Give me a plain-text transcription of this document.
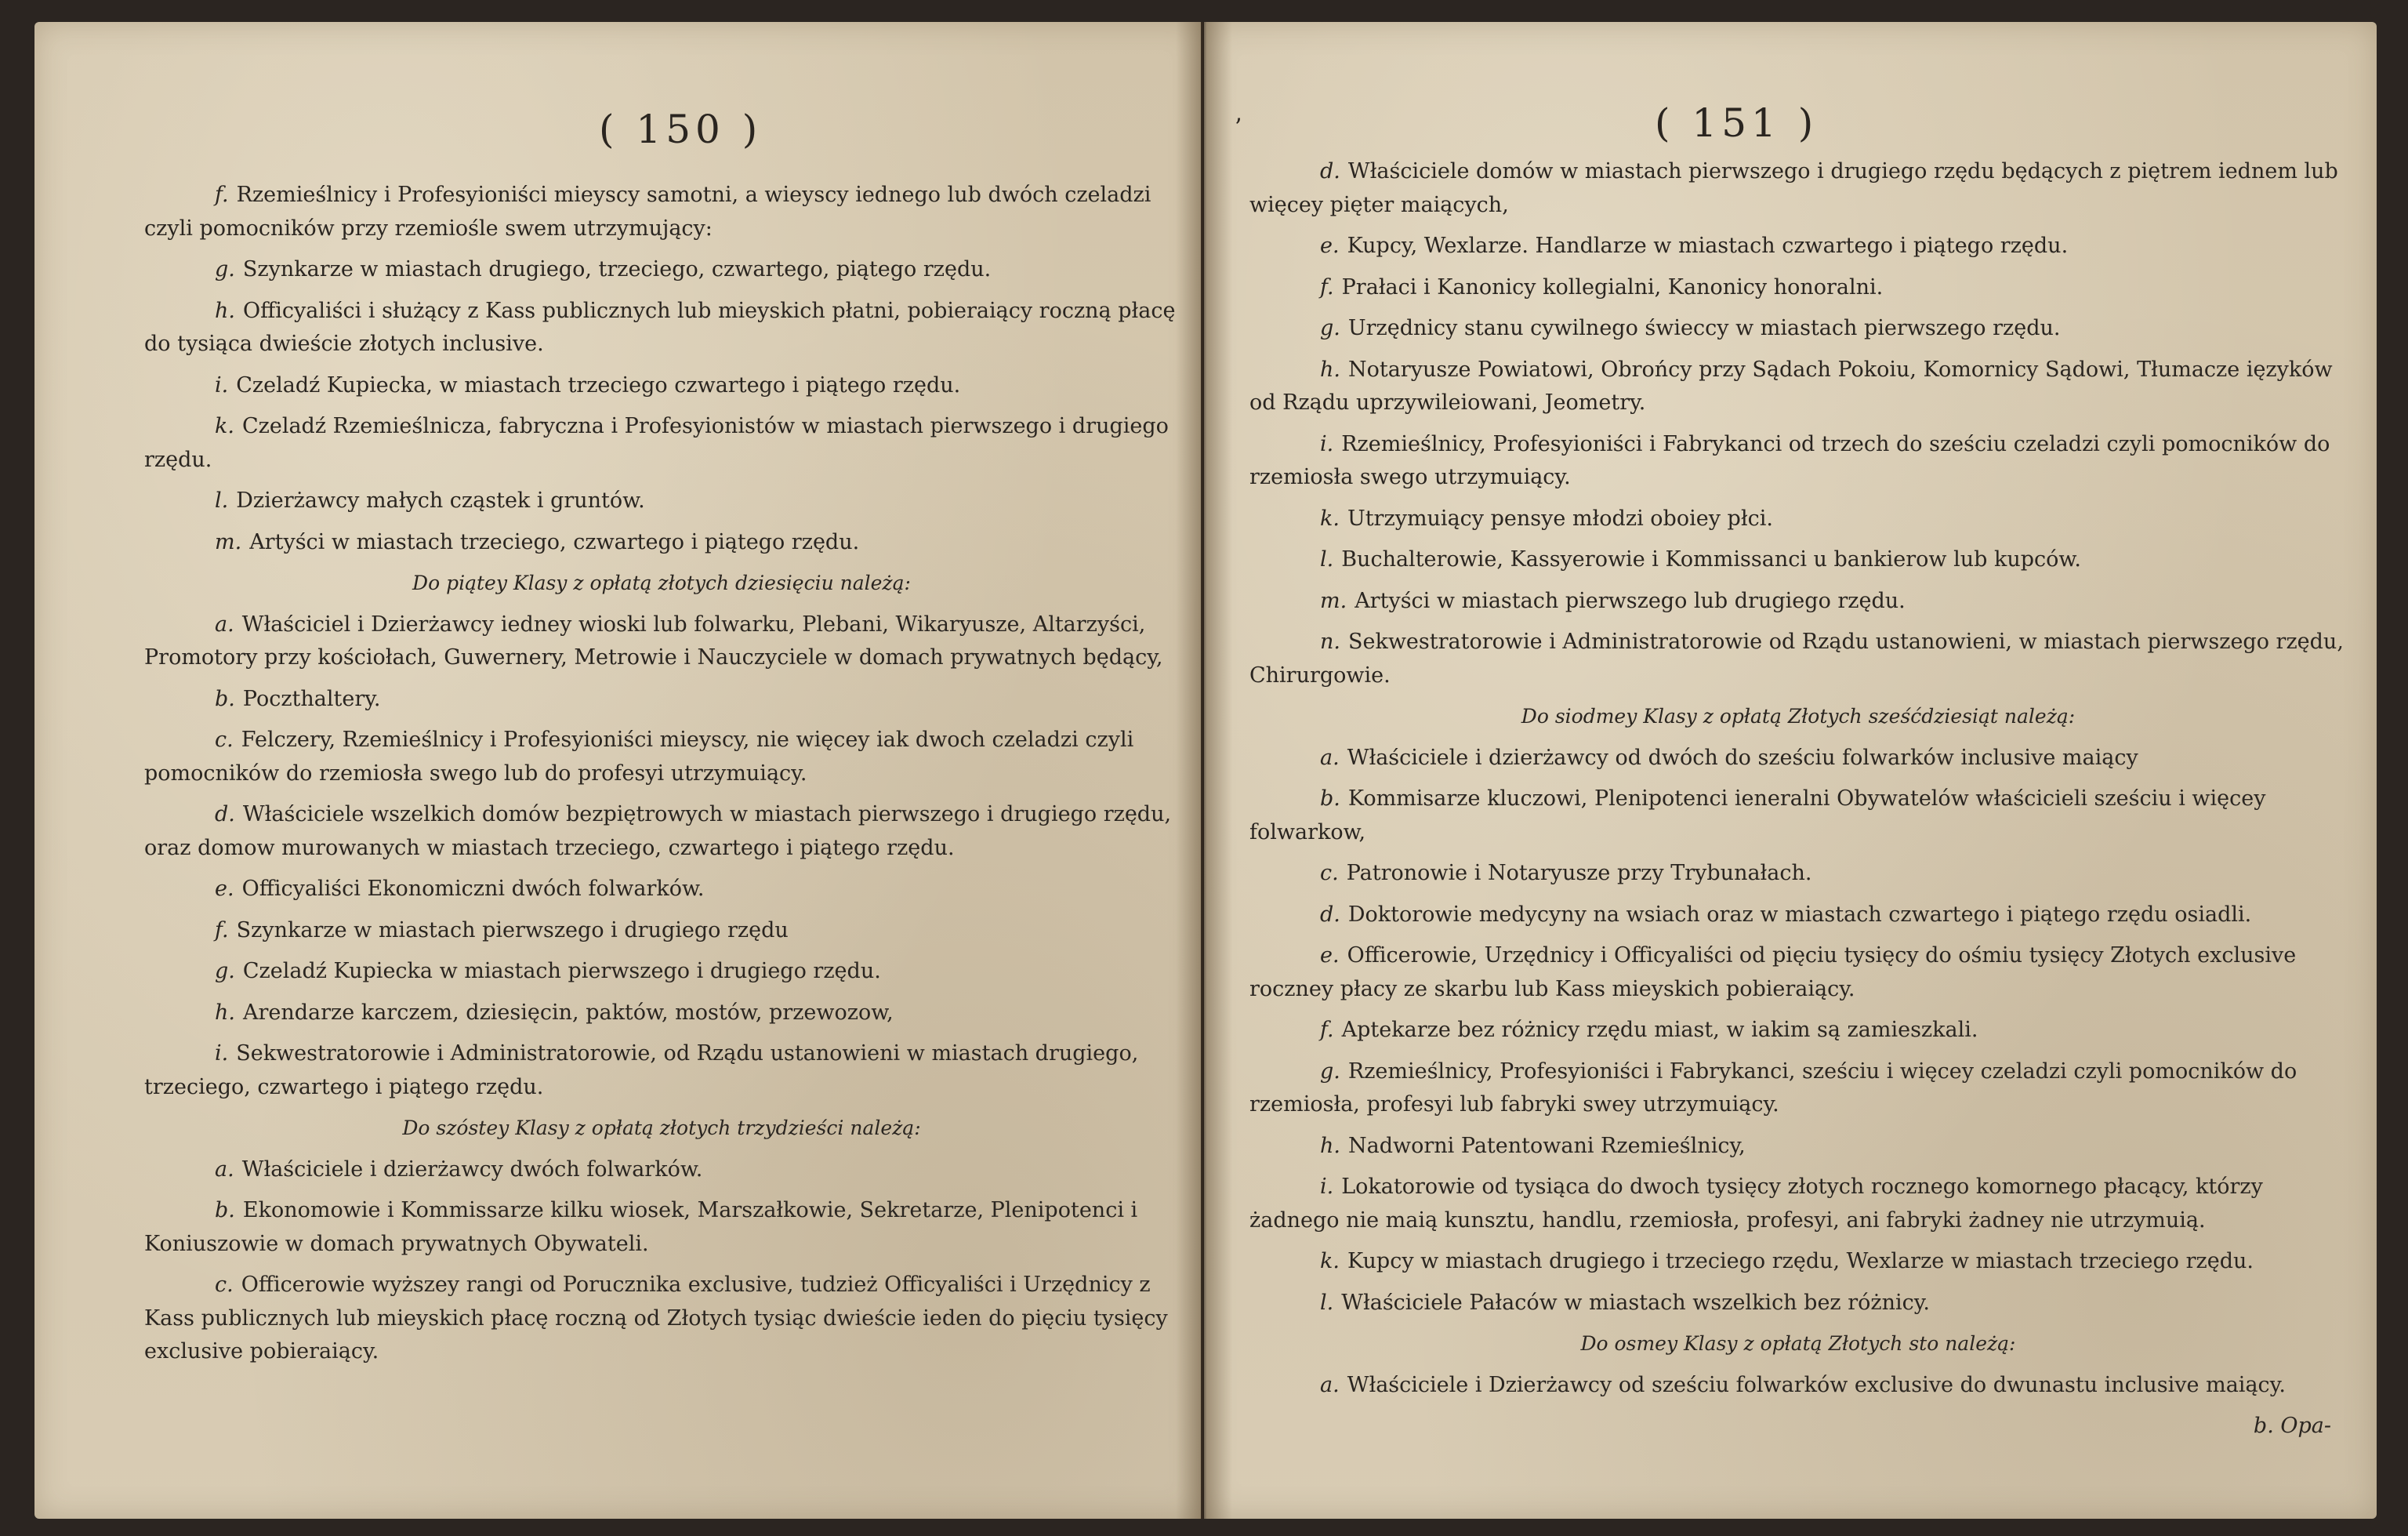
( 150 )

f. Rzemieślnicy i Profesyioniści mieyscy samotni, a wieyscy iednego lub dwóch czeladzi czyli pomocników przy rzemiośle swem utrzymujący:

g. Szynkarze w miastach drugiego, trzeciego, czwartego, piątego rzędu.

h. Officyaliści i służący z Kass publicznych lub mieyskich płatni, pobieraiący roczną płacę do tysiąca dwieście złotych inclusive.

i. Czeladź Kupiecka, w miastach trzeciego czwartego i piątego rzędu.

k. Czeladź Rzemieślnicza, fabryczna i Profesyionistów w miastach pierwszego i drugiego rzędu.

l. Dzierżawcy małych cząstek i gruntów.

m. Artyści w miastach trzeciego, czwartego i piątego rzędu.

Do piątey Klasy z opłatą złotych dziesięciu należą:

a. Właściciel i Dzierżawcy iedney wioski lub folwarku, Plebani, Wikaryusze, Altarzyści, Promotory przy kościołach, Guwernery, Metrowie i Nauczyciele w domach prywatnych będący,

b. Poczthaltery.

c. Felczery, Rzemieślnicy i Profesyioniści mieyscy, nie więcey iak dwoch czeladzi czyli pomocników do rzemiosła swego lub do profesyi utrzymuiący.

d. Właściciele wszelkich domów bezpiętrowych w miastach pierwszego i drugiego rzędu, oraz domow murowanych w miastach trzeciego, czwartego i piątego rzędu.

e. Officyaliści Ekonomiczni dwóch folwarków.

f. Szynkarze w miastach pierwszego i drugiego rzędu

g. Czeladź Kupiecka w miastach pierwszego i drugiego rzędu.

h. Arendarze karczem, dziesięcin, paktów, mostów, przewozow,

i. Sekwestratorowie i Administratorowie, od Rządu ustanowieni w miastach drugiego, trzeciego, czwartego i piątego rzędu.

Do szóstey Klasy z opłatą złotych trzydzieści należą:

a. Właściciele i dzierżawcy dwóch folwarków.

b. Ekonomowie i Kommissarze kilku wiosek, Marszałkowie, Sekretarze, Plenipotenci i Koniuszowie w domach prywatnych Obywateli.

c. Officerowie wyższey rangi od Porucznika exclusive, tudzież Officyaliści i Urzędnicy z Kass publicznych lub mieyskich płacę roczną od Złotych tysiąc dwieście ieden do pięciu tysięcy exclusive pobieraiący.

ʼ	( 151 )

d. Właściciele domów w miastach pierwszego i drugiego rzędu będących z piętrem iednem lub więcey pięter maiących,

e. Kupcy, Wexlarze. Handlarze w miastach czwartego i piątego rzędu.

f. Prałaci i Kanonicy kollegialni, Kanonicy honoralni.

g. Urzędnicy stanu cywilnego świeccy w miastach pierwszego rzędu.

h. Notaryusze Powiatowi, Obrońcy przy Sądach Pokoiu, Komornicy Sądowi, Tłumacze ięzyków od Rządu uprzywileiowani, Jeometry.

i. Rzemieślnicy, Profesyioniści i Fabrykanci od trzech do sześciu czeladzi czyli pomocników do rzemiosła swego utrzymuiący.

k. Utrzymuiący pensye młodzi oboiey płci.

l. Buchalterowie, Kassyerowie i Kommissanci u bankierow lub kupców.

m. Artyści w miastach pierwszego lub drugiego rzędu.

n. Sekwestratorowie i Administratorowie od Rządu ustanowieni, w miastach pierwszego rzędu, Chirurgowie.

Do siodmey Klasy z opłatą Złotych sześćdziesiąt należą:

a. Właściciele i dzierżawcy od dwóch do sześciu folwarków inclusive maiący

b. Kommisarze kluczowi, Plenipotenci ieneralni Obywatelów właścicieli sześciu i więcey folwarkow,

c. Patronowie i Notaryusze przy Trybunałach.

d. Doktorowie medycyny na wsiach oraz w miastach czwartego i piątego rzędu osiadli.

e. Officerowie, Urzędnicy i Officyaliści od pięciu tysięcy do ośmiu tysięcy Złotych exclusive roczney płacy ze skarbu lub Kass mieyskich pobieraiący.

f. Aptekarze bez różnicy rzędu miast, w iakim są zamieszkali.

g. Rzemieślnicy, Profesyioniści i Fabrykanci, sześciu i więcey czeladzi czyli pomocników do rzemiosła, profesyi lub fabryki swey utrzymuiący.

h. Nadworni Patentowani Rzemieślnicy,

i. Lokatorowie od tysiąca do dwoch tysięcy złotych rocznego komornego płacący, którzy żadnego nie maią kunsztu, handlu, rzemiosła, profesyi, ani fabryki żadney nie utrzymuią.

k. Kupcy w miastach drugiego i trzeciego rzędu, Wexlarze w miastach trzeciego rzędu.

l. Właściciele Pałaców w miastach wszelkich bez różnicy.

Do osmey Klasy z opłatą Złotych sto należą:

a. Właściciele i Dzierżawcy od sześciu folwarków exclusive do dwunastu inclusive maiący.

b. Opa-
